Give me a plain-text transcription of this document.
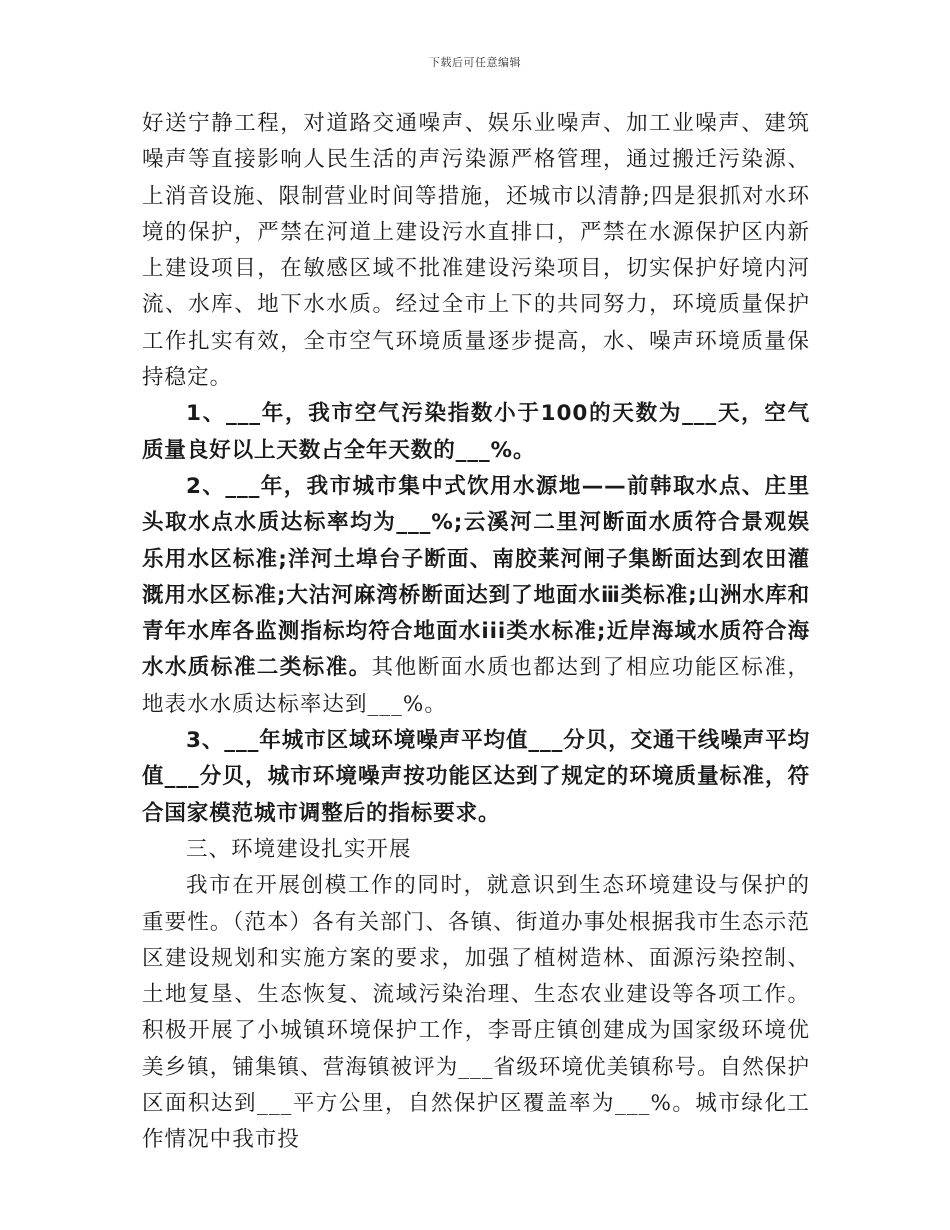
下载后可任意编辑

好送宁静工程，对道路交通噪声、娱乐业噪声、加工业噪声、建筑噪声等直接影响人民生活的声污染源严格管理，通过搬迁污染源、上消音设施、限制营业时间等措施，还城市以清静;四是狠抓对水环境的保护，严禁在河道上建设污水直排口，严禁在水源保护区内新上建设项目，在敏感区域不批准建设污染项目，切实保护好境内河流、水库、地下水水质。经过全市上下的共同努力，环境质量保护工作扎实有效，全市空气环境质量逐步提高，水、噪声环境质量保持稳定。

1、___年，我市空气污染指数小于100的天数为___天，空气质量良好以上天数占全年天数的___%。

2、___年，我市城市集中式饮用水源地——前韩取水点、庄里头取水点水质达标率均为___%;云溪河二里河断面水质符合景观娱乐用水区标准;洋河土埠台子断面、南胶莱河闸子集断面达到农田灌溉用水区标准;大沽河麻湾桥断面达到了地面水ⅲ类标准;山洲水库和青年水库各监测指标均符合地面水iii类水标准;近岸海域水质符合海水水质标准二类标准。其他断面水质也都达到了相应功能区标准，地表水水质达标率达到___%。

3、___年城市区域环境噪声平均值___分贝，交通干线噪声平均值___分贝，城市环境噪声按功能区达到了规定的环境质量标准，符合国家模范城市调整后的指标要求。

三、环境建设扎实开展

我市在开展创模工作的同时，就意识到生态环境建设与保护的重要性。（范本）各有关部门、各镇、街道办事处根据我市生态示范区建设规划和实施方案的要求，加强了植树造林、面源污染控制、土地复垦、生态恢复、流域污染治理、生态农业建设等各项工作。积极开展了小城镇环境保护工作，李哥庄镇创建成为国家级环境优美乡镇，铺集镇、营海镇被评为___省级环境优美镇称号。自然保护区面积达到___平方公里，自然保护区覆盖率为___%。城市绿化工作情况中我市投
